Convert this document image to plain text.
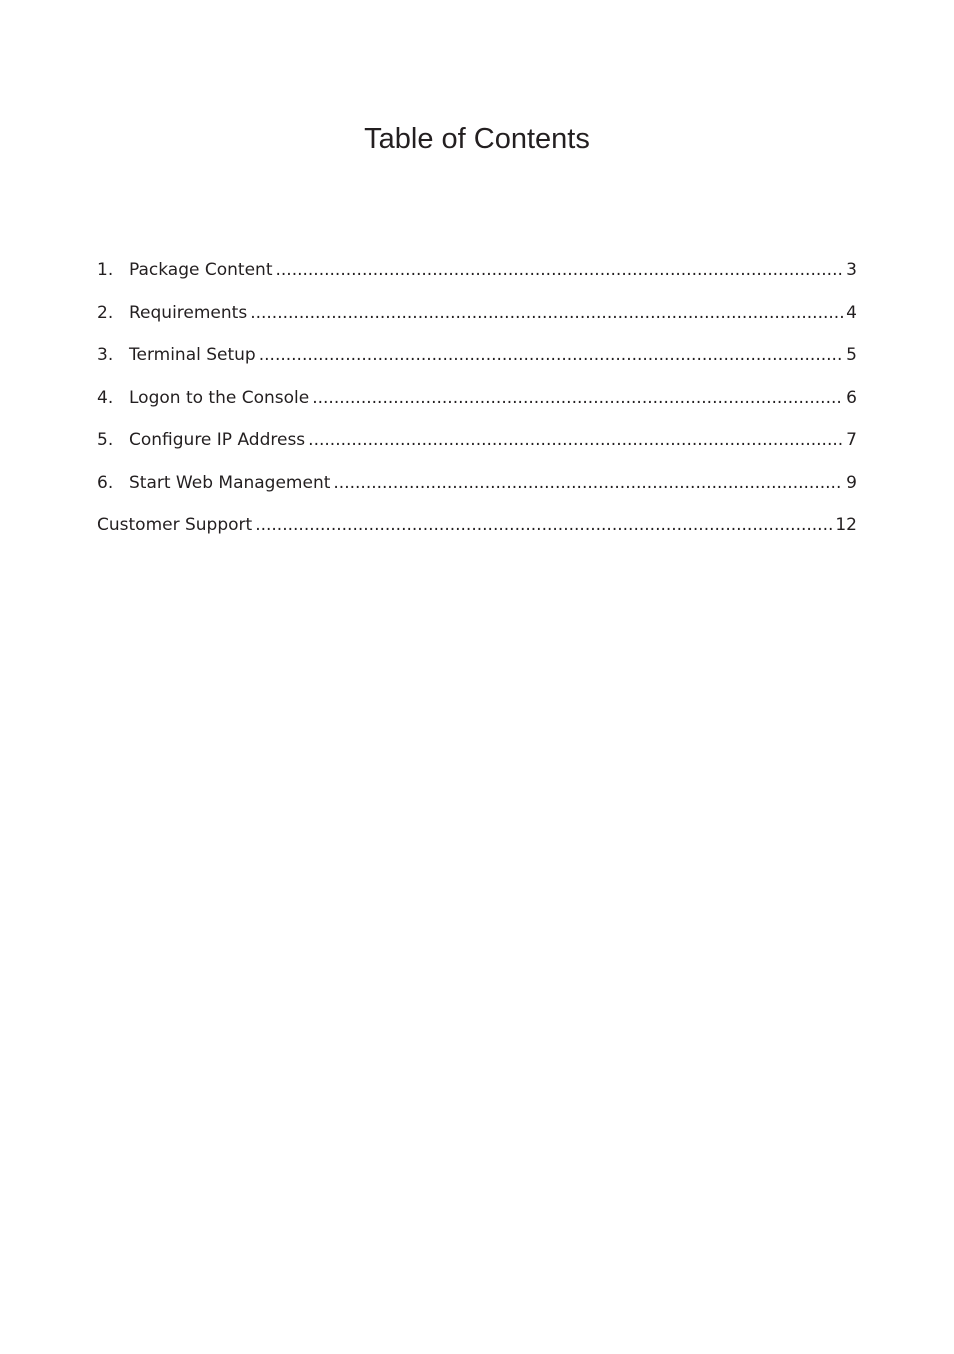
Table of Contents
1. Package Content .....	3
2. Requirements .....	4
3. Terminal Setup .....	5
4. Logon to the Console .....	6
5. Configure IP Address .....	7
6. Start Web Management .....	9
Customer Support .....	12
